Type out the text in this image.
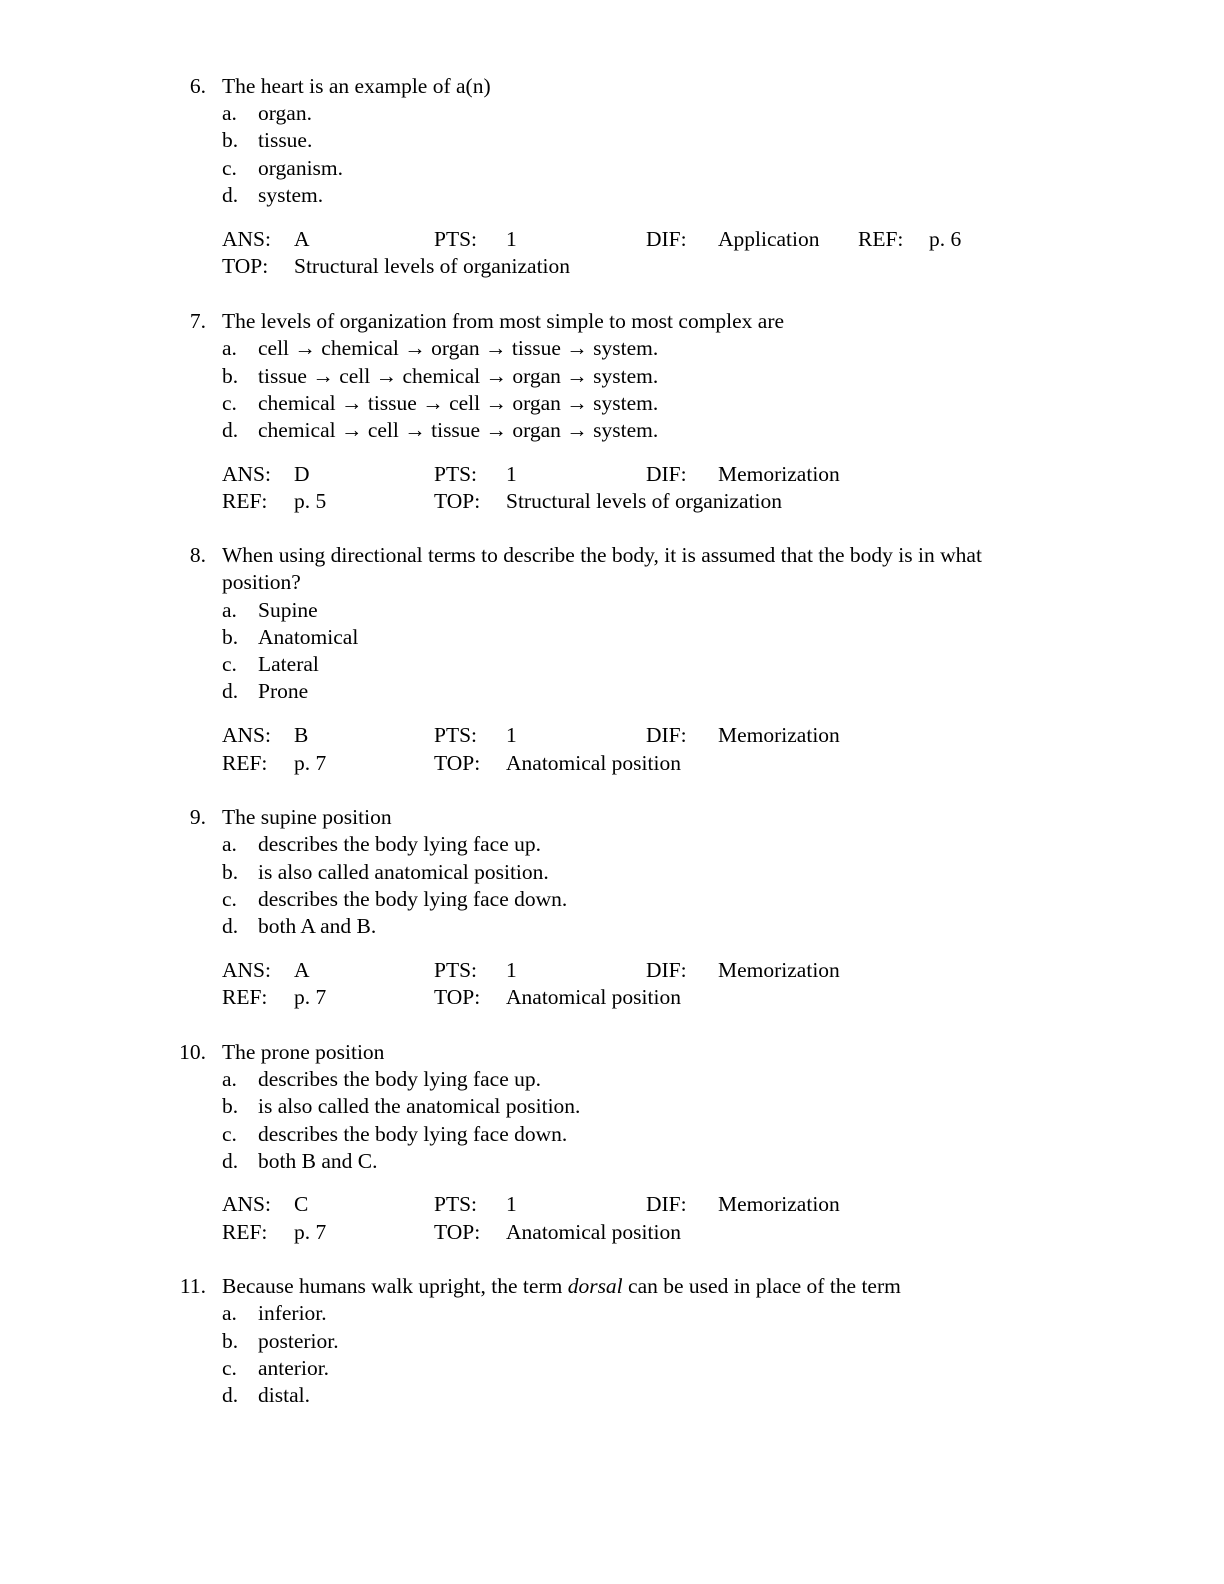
6. The heart is an example of a(n)
a. organ.
b. tissue.
c. organism.
d. system.
ANS: A	PTS: 1	DIF: Application REF: p. 6
TOP: Structural levels of organization
7. The levels of organization from most simple to most complex are
a. cell → chemical → organ → tissue → system.
b. tissue → cell → chemical → organ → system.
c. chemical → tissue → cell → organ → system.
d. chemical → cell → tissue → organ → system.
ANS: D	PTS: 1	DIF: Memorization
REF: p. 5	TOP: Structural levels of organization
8. When using directional terms to describe the body, it is assumed that the body is in what
position?
a. Supine
b. Anatomical
c. Lateral
d. Prone
ANS: B	PTS: 1	DIF: Memorization
REF: p. 7	TOP: Anatomical position
9. The supine position
a. describes the body lying face up.
b. is also called anatomical position.
c. describes the body lying face down.
d. both A and B.
ANS: A	PTS: 1	DIF: Memorization
REF: p. 7	TOP: Anatomical position
10. The prone position
a. describes the body lying face up.
b. is also called the anatomical position.
c. describes the body lying face down.
d. both B and C.
ANS: C	PTS: 1	DIF: Memorization
REF: p. 7	TOP: Anatomical position
11. Because humans walk upright, the term dorsal can be used in place of the term
a. inferior.
b. posterior.
c. anterior.
d. distal.
